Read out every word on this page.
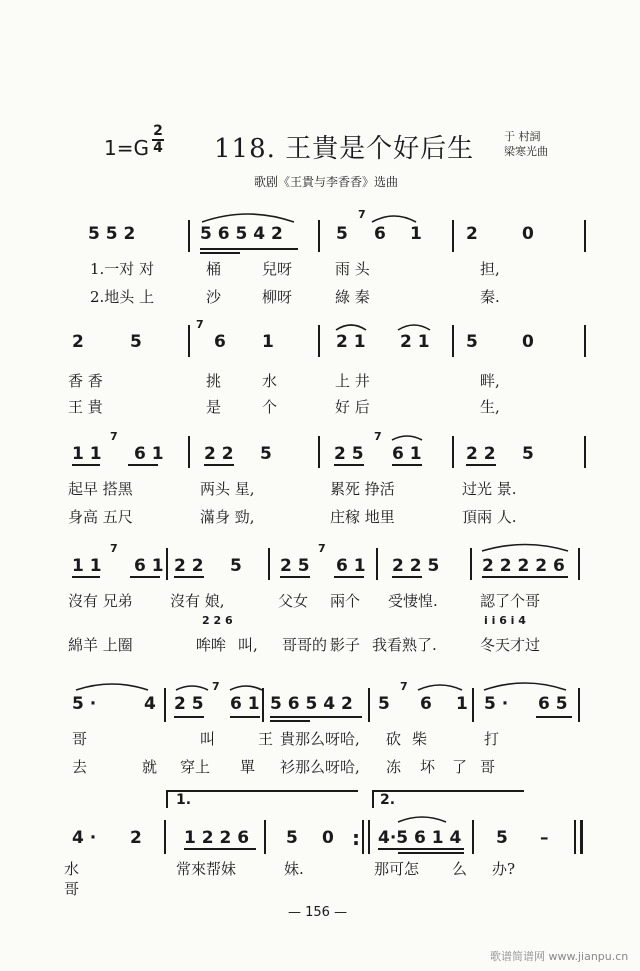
1=G
2
4 118. 王貴是个好后生	于 村詞
梁寒光曲
歌剧《王貴与李香香》选曲
5 5 2	5 6 5 4 2	5 6 1	2	0
7
1.一对 对	桶	兒呀	雨 头	担,
2.地头 上	沙	柳呀	綠 秦	秦.
2	5	6 1	2 1 2 1 5	0
7
香 香	挑	水	上 井	畔,
王 貴	是	个	好 后	生,
1 1 6 1 2 2 5	2 5 6 1	2 2 5
7	7
起早 搭黑	两头 星,	累死 挣活	过光 景.
身高 五尺	滿身 勁,	庄稼 地里	頂兩 人.
1 1 6 1 2 2 5 2 5 6 1 2 2 5	2 2 2 2 6
7	7
沒有 兄弟 沒有 娘,	父女 兩个 受悽惶.	認了个哥
2 2 6	i i 6 i 4
綿羊 上圈	哞哞 叫, 哥哥的 影子 我看熟了.	冬天才过
5 ·	4 2 5 6 1 5 6 5 4 2 5 6 1 5 · 6 5
7	7
哥	叫	王 貴那么呀哈, 砍 柴	打
去	就 穿上 單 衫那么呀哈, 冻 坏 了 哥
4 · 2 1 2 2 6 5 0	4·5 6 1 4 5 –
水	常來帮妹	妹.	那可怎 么 办?
哥
1.	2.
:
— 156 —
歌谱简谱网 www.jianpu.cn
